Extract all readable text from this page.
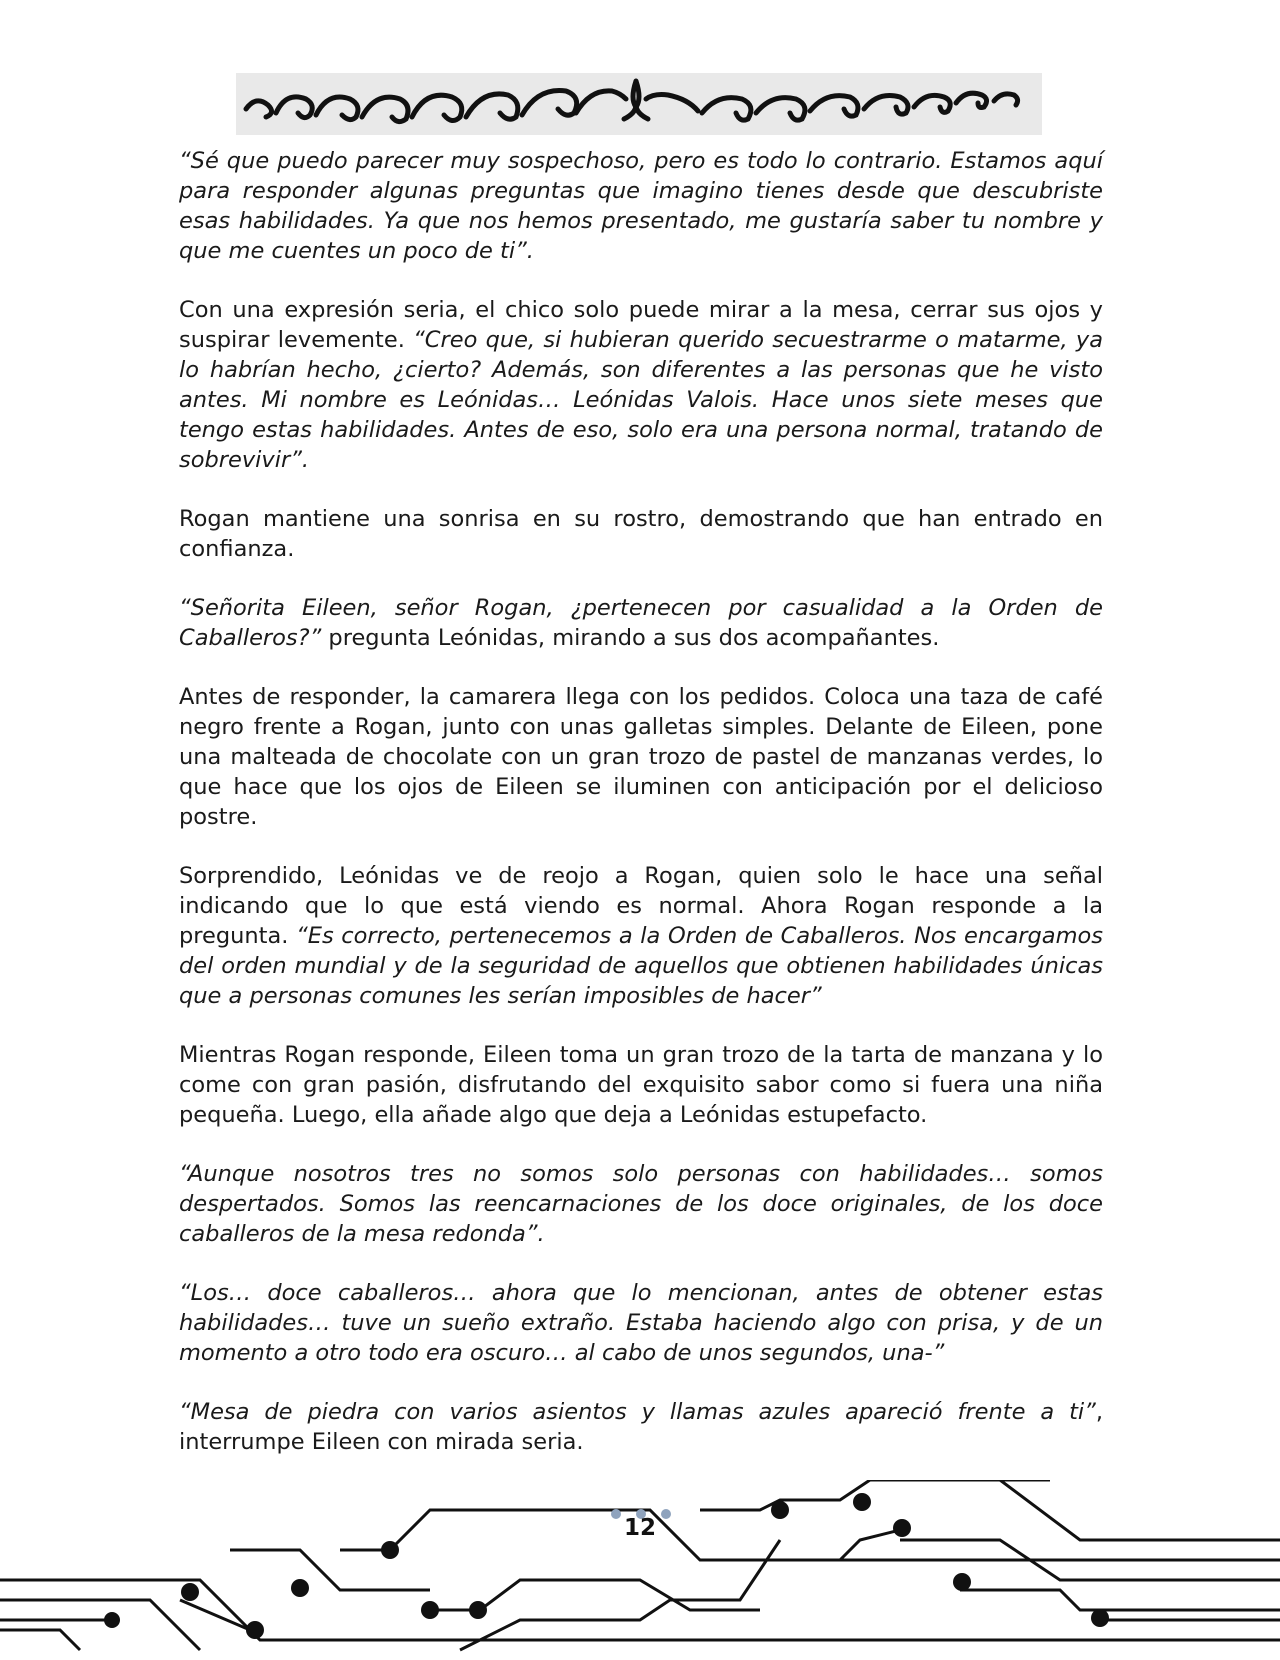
“Sé que puedo parecer muy sospechoso, pero es todo lo contrario. Estamos aquí para responder algunas preguntas que imagino tienes desde que descubriste esas habilidades. Ya que nos hemos presentado, me gustaría saber tu nombre y que me cuentes un poco de ti”.

Con una expresión seria, el chico solo puede mirar a la mesa, cerrar sus ojos y suspirar levemente. “Creo que, si hubieran querido secuestrarme o matarme, ya lo habrían hecho, ¿cierto? Además, son diferentes a las personas que he visto antes. Mi nombre es Leónidas… Leónidas Valois. Hace unos siete meses que tengo estas habilidades. Antes de eso, solo era una persona normal, tratando de sobrevivir”.

Rogan mantiene una sonrisa en su rostro, demostrando que han entrado en confianza.

“Señorita Eileen, señor Rogan, ¿pertenecen por casualidad a la Orden de Caballeros?” pregunta Leónidas, mirando a sus dos acompañantes.

Antes de responder, la camarera llega con los pedidos. Coloca una taza de café negro frente a Rogan, junto con unas galletas simples. Delante de Eileen, pone una malteada de chocolate con un gran trozo de pastel de manzanas verdes, lo que hace que los ojos de Eileen se iluminen con anticipación por el delicioso postre.

Sorprendido, Leónidas ve de reojo a Rogan, quien solo le hace una señal indicando que lo que está viendo es normal. Ahora Rogan responde a la pregunta. “Es correcto, pertenecemos a la Orden de Caballeros. Nos encargamos del orden mundial y de la seguridad de aquellos que obtienen habilidades únicas que a personas comunes les serían imposibles de hacer”

Mientras Rogan responde, Eileen toma un gran trozo de la tarta de manzana y lo come con gran pasión, disfrutando del exquisito sabor como si fuera una niña pequeña. Luego, ella añade algo que deja a Leónidas estupefacto.

“Aunque nosotros tres no somos solo personas con habilidades… somos despertados. Somos las reencarnaciones de los doce originales, de los doce caballeros de la mesa redonda”.

“Los… doce caballeros… ahora que lo mencionan, antes de obtener estas habilidades… tuve un sueño extraño. Estaba haciendo algo con prisa, y de un momento a otro todo era oscuro… al cabo de unos segundos, una-”

“Mesa de piedra con varios asientos y llamas azules apareció frente a ti”, interrumpe Eileen con mirada seria.

12
